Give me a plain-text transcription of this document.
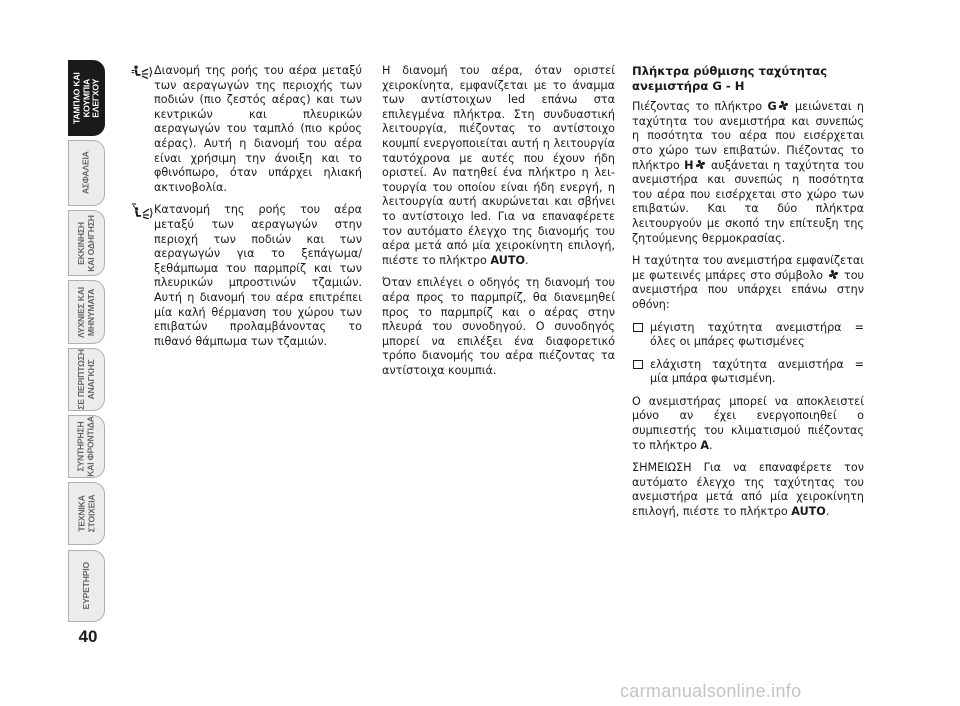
ΤΑΜΠΛΟ ΚΑΙ
ΚΟΥΜΠΙΑ
ΕΛΕΓΧΟΥ
ΑΣΦΑΛΕΙΑ
ΕΚΚΙΝΗΣΗ
ΚΑΙ ΟΔΗΓΗΣΗ
ΛΥΧΝΙΕΣ ΚΑΙ
ΜΗΝΥΜΑΤΑ
ΣΕ ΠΕΡΙΠΤΩΣΗ
ΑΝΑΓΚΗΣ
ΣΥΝΤΗΡΗΣΗ
ΚΑΙ ΦΡΟΝΤΙΔΑ
ΤΕΧΝΙΚΑ
ΣΤΟΙΧΕΙΑ
ΕΥΡΕΤΗΡΙΟ
40

Διανομή της ροής του αέρα μεταξύ των αεραγωγών της περιοχής των ποδιών (πιο ζεστός αέρας) και των κεντρικών και πλευρικών αεραγωγών του ταμπλό (πιο κρύος αέρας). Αυτή η διανομή του αέρα είναι χρήσιμη την άνοιξη και το φθινόπωρο, όταν υπάρχει ηλιακή ακτινοβολία.

Κατανομή της ροής του αέρα μεταξύ των αεραγωγών στην περιοχή των ποδιών και των αεραγωγών για το ξεπάγωμα/ξεθάμπωμα του παρμπρίζ και των πλευρικών μπροστινών τζαμιών. Αυτή η διανομή του αέρα επιτρέπει μία καλή θέρμανση του χώρου των επιβατών προλαμβάνοντας το πιθανό θάμπωμα των τζαμιών.

Η διανομή του αέρα, όταν οριστεί χειροκίνητα, εμφανίζεται με το άναμμα των αντίστοιχων led επάνω στα επιλεγμένα πλήκτρα. Στη συνδυαστική λειτουργία, πιέζοντας το αντίστοιχο κουμπί ενεργοποιείται αυτή η λειτουργία ταυτόχρονα με αυτές που έχουν ήδη οριστεί. Αν πατηθεί ένα πλήκτρο η λειτουργία του οποίου είναι ήδη ενεργή, η λειτουργία αυτή ακυρώνεται και σβήνει το αντίστοιχο led. Για να επαναφέρετε τον αυτόματο έλεγχο της διανομής του αέρα μετά από μία χειροκίνητη επιλογή, πιέστε το πλήκτρο AUTO.

Όταν επιλέγει ο οδηγός τη διανομή του αέρα προς το παρμπρίζ, θα διανεμηθεί προς το παρμπρίζ και ο αέρας στην πλευρά του συνοδηγού. Ο συνοδηγός μπορεί να επιλέξει ένα διαφορετικό τρόπο διανομής του αέρα πιέζοντας τα αντίστοιχα κουμπιά.

Πλήκτρα ρύθμισης ταχύτητας ανεμιστήρα G - H

Πιέζοντας το πλήκτρο G μειώνεται η ταχύτητα του ανεμιστήρα και συνεπώς η ποσότητα του αέρα που εισέρχεται στο χώρο των επιβατών. Πιέζοντας το πλήκτρο H αυξάνεται η ταχύτητα του ανεμιστήρα και συνεπώς η ποσότητα του αέρα που εισέρχεται στο χώρο των επιβατών. Και τα δύο πλήκτρα λειτουργούν με σκοπό την επίτευξη της ζητούμενης θερμοκρασίας.

Η ταχύτητα του ανεμιστήρα εμφανίζεται με φωτεινές μπάρες στο σύμβολο του ανεμιστήρα που υπάρχει επάνω στην οθόνη:

μέγιστη ταχύτητα ανεμιστήρα = όλες οι μπάρες φωτισμένες

ελάχιστη ταχύτητα ανεμιστήρα = μία μπάρα φωτισμένη.

Ο ανεμιστήρας μπορεί να αποκλειστεί μόνο αν έχει ενεργοποιηθεί ο συμπιεστής του κλιματισμού πιέζοντας το πλήκτρο A.

ΣΗΜΕΙΩΣΗ Για να επαναφέρετε τον αυτόματο έλεγχο της ταχύτητας του ανεμιστήρα μετά από μία χειροκίνητη επιλογή, πιέστε το πλήκτρο AUTO.

carmanualsonline.info
